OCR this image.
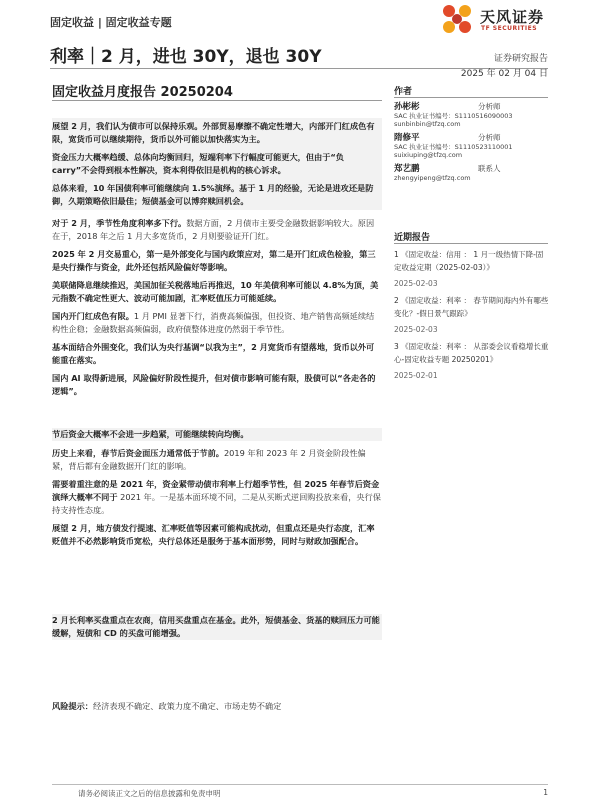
固定收益 | 固定收益专题	天风证券
TF SECURITIES
利率｜2 月，进也 30Y，退也 30Y	证券研究报告
2025 年 02 月 04 日
固定收益月度报告 20250204

展望 2 月，我们认为债市可以保持乐观。外部贸易摩擦不确定性增大，内部开门红成色有限，宽货币可以继续期待，货币以外可能以加快落实为主。

资金压力大概率趋缓、总体向均衡回归，短端利率下行幅度可能更大，但由于“负 carry”不会得到根本性解决，资本利得依旧是机构的核心诉求。

总体来看，10 年国债利率可能继续向 1.5%演绎。基于 1 月的经验，无论是进攻还是防御，久期策略依旧最佳；短债基金可以博弈赎回机会。

对于 2 月，季节性角度利率多下行。数据方面，2 月债市主要受金融数据影响较大。原因在于，2018 年之后 1 月大多宽货币，2 月则要验证开门红。

2025 年 2 月交易重心，第一是外部变化与国内政策应对，第二是开门红成色检验，第三是央行操作与资金，此外还包括风险偏好等影响。

美联储降息继续推迟，美国加征关税落地后再推迟，10 年美债利率可能以 4.8%为顶，美元指数不确定性更大、波动可能加剧，汇率贬值压力可能延续。

国内开门红成色有限。1 月 PMI 显著下行，消费高频偏强，但投资、地产销售高频延续结构性企稳；金融数据高频偏弱，政府债整体进度仍然弱于季节性。

基本面结合外围变化，我们认为央行基调“以我为主”，2 月宽货币有望落地，货币以外可能重在落实。

国内 AI 取得新进展，风险偏好阶段性提升，但对债市影响可能有限，股债可以“各走各的逻辑”。

节后资金大概率不会进一步趋紧，可能继续转向均衡。

历史上来看，春节后资金面压力通常低于节前。2019 年和 2023 年 2 月资金阶段性偏紧，背后都有金融数据开门红的影响。

需要着重注意的是 2021 年，资金紧带动债市利率上行超季节性，但 2025 年春节后资金演绎大概率不同于 2021 年。一是基本面环境不同，二是从买断式逆回购投放来看，央行保持支持性态度。

展望 2 月，地方债发行提速、汇率贬值等因素可能构成扰动，但重点还是央行态度，汇率贬值并不必然影响货币宽松，央行总体还是服务于基本面形势，同时与财政加强配合。

2 月长利率买盘重点在农商，信用买盘重点在基金。此外，短债基金、货基的赎回压力可能缓解，短债和 CD 的买盘可能增强。

风险提示：经济表现不确定、政策力度不确定、市场走势不确定

作者
孙彬彬	分析师
SAC 执业证书编号：S1110516090003
sunbinbin@tfzq.com
隋修平	分析师
SAC 执业证书编号：S1110523110001
suixiuping@tfzq.com
郑艺鹏	联系人
zhengyipeng@tfzq.com
近期报告
1 《固定收益：信用 ： 1 月一级热情下降-固定收益定期（2025-02-03）》
2025-02-03
2 《固定收益：利率 ： 春节期间海内外有哪些变化？-假日景气跟踪》
2025-02-03
3 《固定收益：利率 ： 从部委会议看稳增长重心-固定收益专题 20250201》
2025-02-01
请务必阅读正文之后的信息披露和免责申明	1
